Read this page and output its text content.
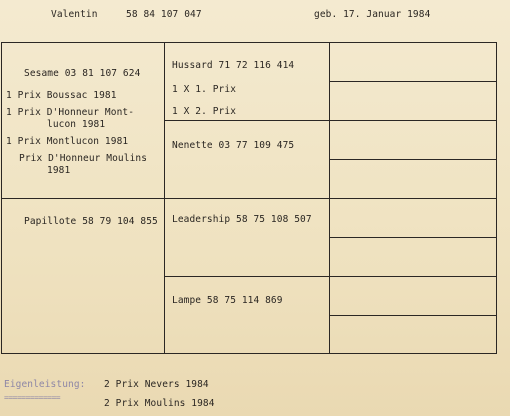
Valentin	58 84 107 047	geb. 17. Januar 1984
Sesame 03 81 107 624
1 Prix Boussac 1981
1 Prix D'Honneur Mont-
lucon 1981
1 Prix Montlucon 1981
Prix D'Honneur Moulins
1981
Hussard 71 72 116 414
1 X 1. Prix
1 X 2. Prix
Nenette 03 77 109 475
Papillote 58 79 104 855 Leadership 58 75 108 507
Lampe 58 75 114 869
Eigenleistung:
=============
2 Prix Nevers 1984
2 Prix Moulins 1984
